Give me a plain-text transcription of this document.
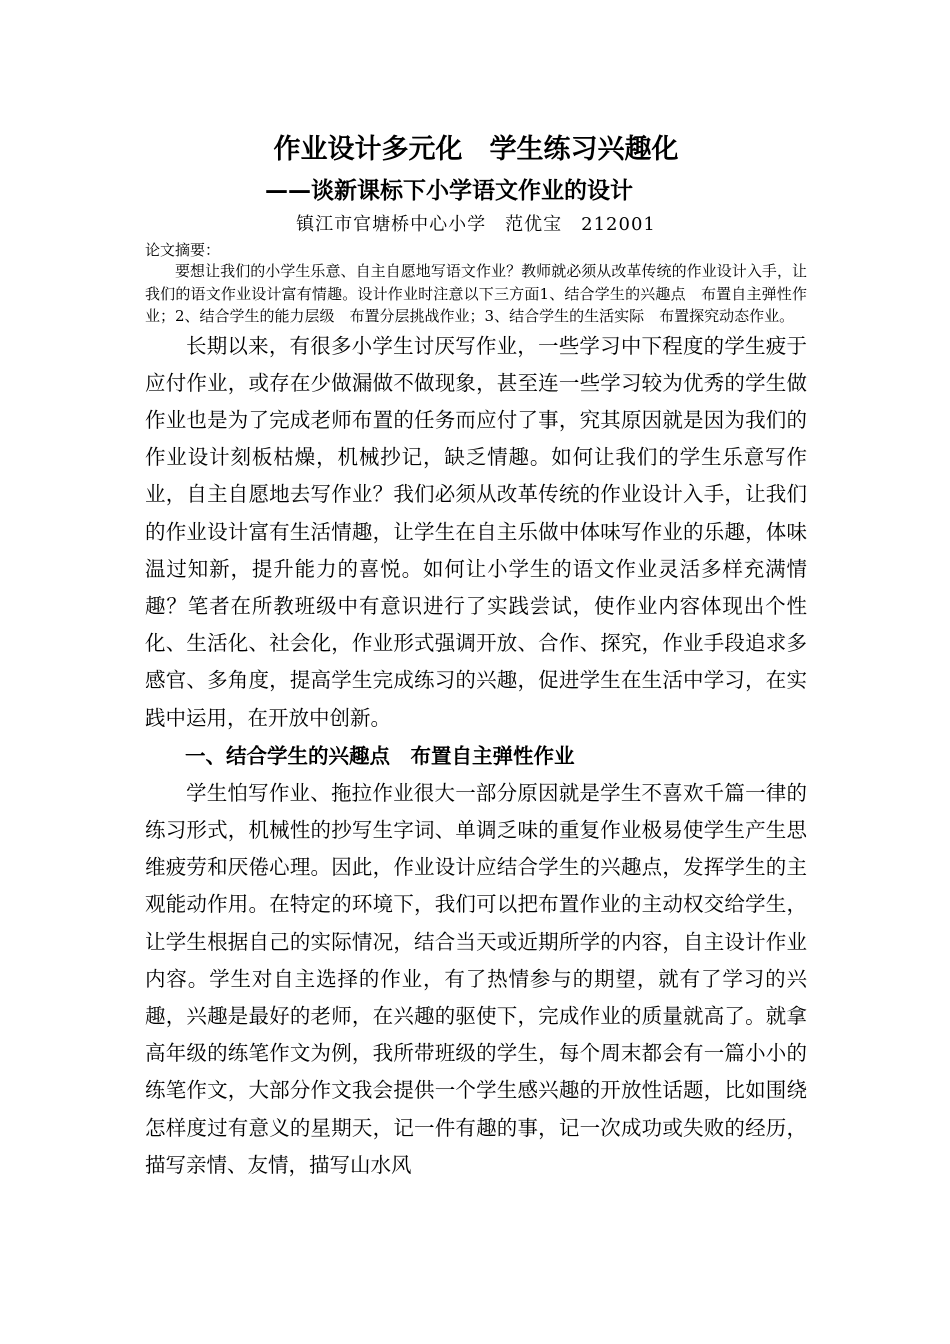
作业设计多元化　学生练习兴趣化
——谈新课标下小学语文作业的设计

镇江市官塘桥中心小学　范优宝　212001

论文摘要：

要想让我们的小学生乐意、自主自愿地写语文作业？教师就必须从改革传统的作业设计入手，让我们的语文作业设计富有情趣。设计作业时注意以下三方面1、结合学生的兴趣点　布置自主弹性作业；2、结合学生的能力层级　布置分层挑战作业；3、结合学生的生活实际　布置探究动态作业。

长期以来，有很多小学生讨厌写作业，一些学习中下程度的学生疲于应付作业，或存在少做漏做不做现象，甚至连一些学习较为优秀的学生做作业也是为了完成老师布置的任务而应付了事，究其原因就是因为我们的作业设计刻板枯燥，机械抄记，缺乏情趣。如何让我们的学生乐意写作业，自主自愿地去写作业？我们必须从改革传统的作业设计入手，让我们的作业设计富有生活情趣，让学生在自主乐做中体味写作业的乐趣，体味温过知新，提升能力的喜悦。如何让小学生的语文作业灵活多样充满情趣？笔者在所教班级中有意识进行了实践尝试，使作业内容体现出个性化、生活化、社会化，作业形式强调开放、合作、探究，作业手段追求多感官、多角度，提高学生完成练习的兴趣，促进学生在生活中学习，在实践中运用，在开放中创新。

一、结合学生的兴趣点　布置自主弹性作业

学生怕写作业、拖拉作业很大一部分原因就是学生不喜欢千篇一律的练习形式，机械性的抄写生字词、单调乏味的重复作业极易使学生产生思维疲劳和厌倦心理。因此，作业设计应结合学生的兴趣点，发挥学生的主观能动作用。在特定的环境下，我们可以把布置作业的主动权交给学生，让学生根据自己的实际情况，结合当天或近期所学的内容，自主设计作业内容。学生对自主选择的作业，有了热情参与的期望，就有了学习的兴趣，兴趣是最好的老师，在兴趣的驱使下，完成作业的质量就高了。就拿高年级的练笔作文为例，我所带班级的学生，每个周末都会有一篇小小的练笔作文，大部分作文我会提供一个学生感兴趣的开放性话题，比如围绕怎样度过有意义的星期天，记一件有趣的事，记一次成功或失败的经历，描写亲情、友情，描写山水风
